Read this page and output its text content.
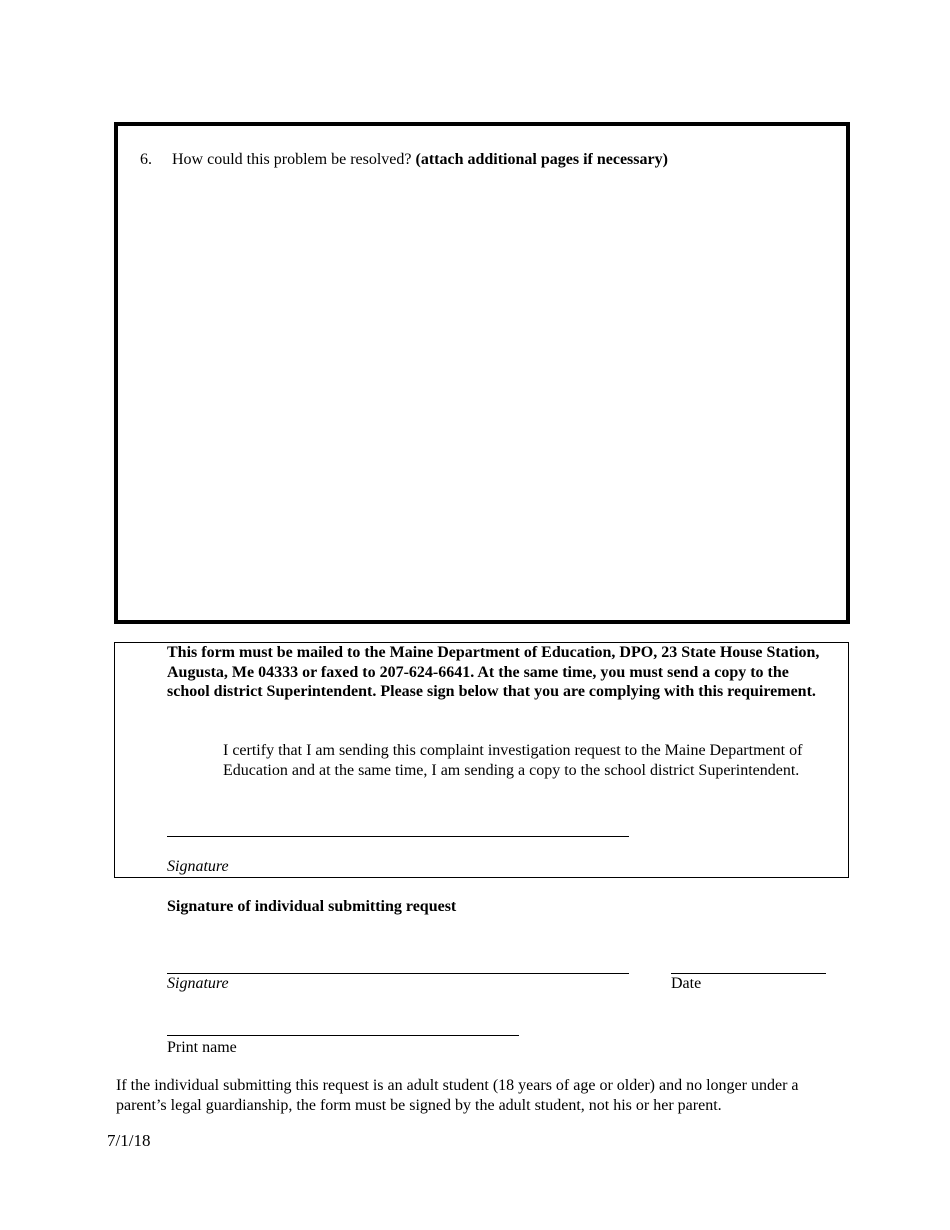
6. How could this problem be resolved? (attach additional pages if necessary)
This form must be mailed to the Maine Department of Education, DPO, 23 State House Station, Augusta, Me 04333 or faxed to 207-624-6641. At the same time, you must send a copy to the school district Superintendent. Please sign below that you are complying with this requirement.
I certify that I am sending this complaint investigation request to the Maine Department of Education and at the same time, I am sending a copy to the school district Superintendent.
Signature
Signature of individual submitting request
Signature	Date
Print name
If the individual submitting this request is an adult student (18 years of age or older) and no longer under a parent’s legal guardianship, the form must be signed by the adult student, not his or her parent.
7/1/18
